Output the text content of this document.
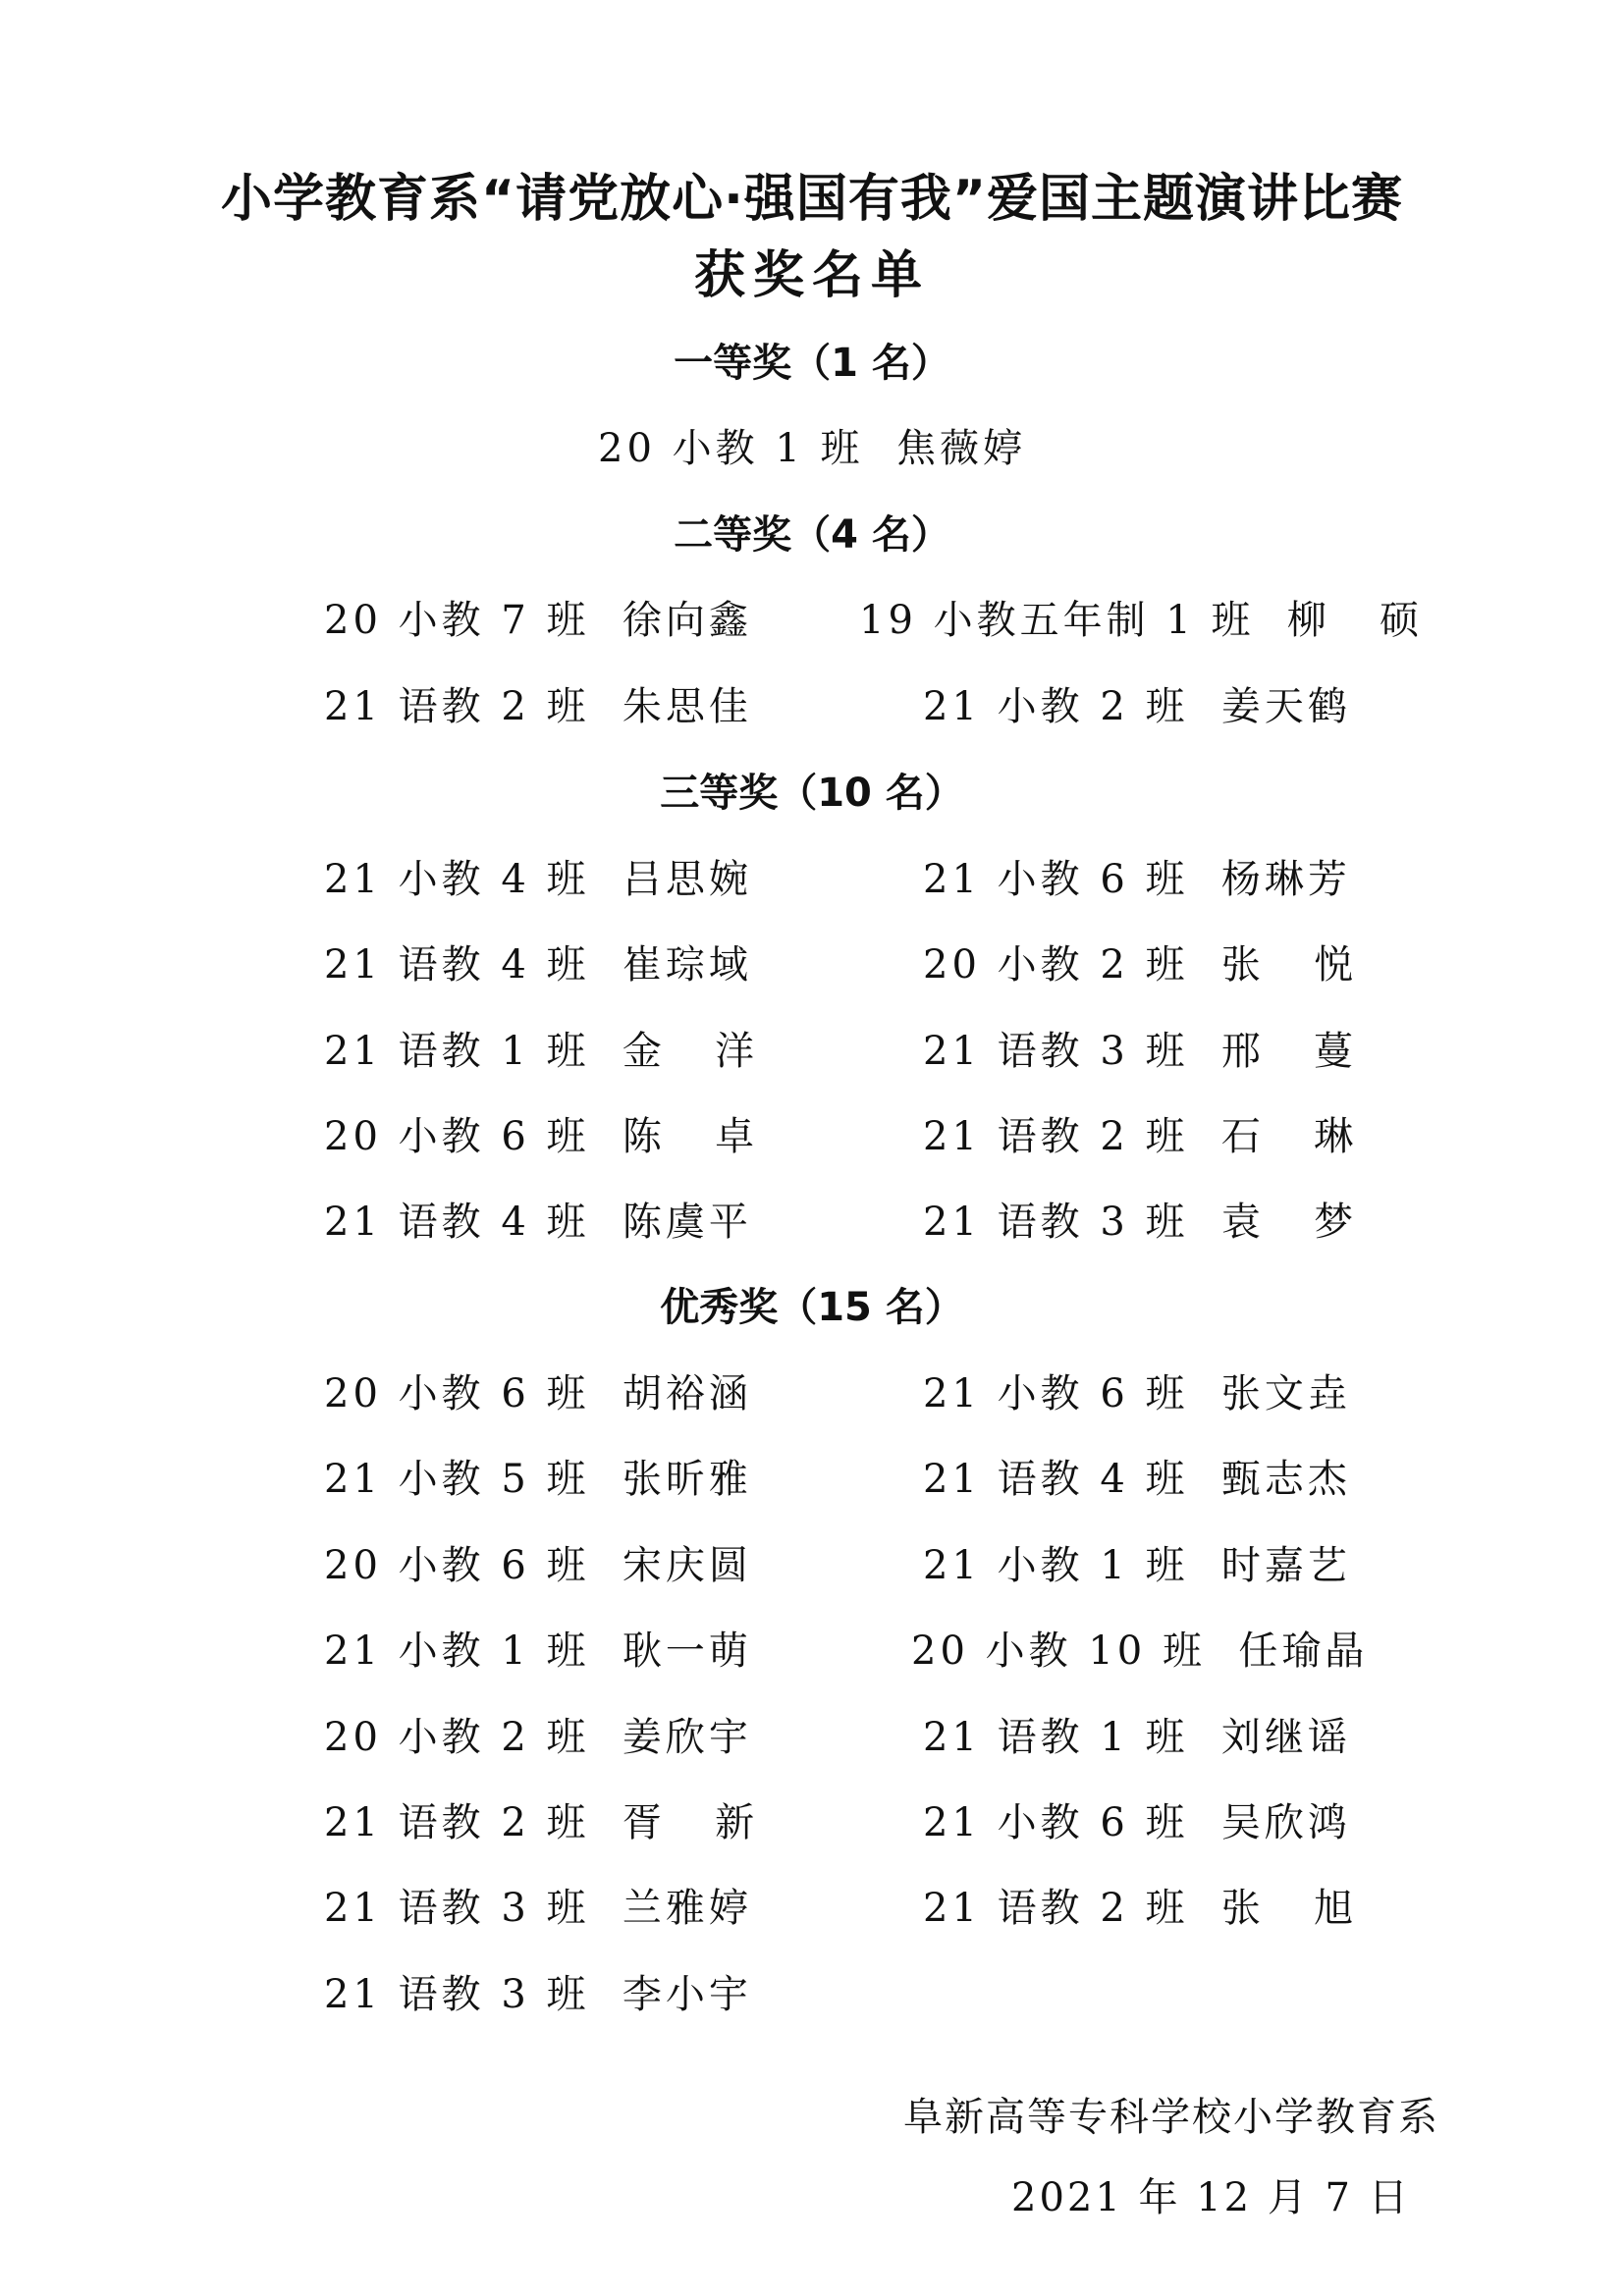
小学教育系“请党放心·强国有我”爱国主题演讲比赛
获奖名单
一等奖（1 名）
20 小教 1 班  焦薇婷
二等奖（4 名）
20 小教 7 班  徐向鑫	19 小教五年制 1 班  柳   硕
21 语教 2 班  朱思佳	21 小教 2 班  姜天鹤
三等奖（10 名）
21 小教 4 班  吕思婉	21 小教 6 班  杨琳芳
21 语教 4 班  崔琮域	20 小教 2 班  张   悦
21 语教 1 班  金   洋	21 语教 3 班  邢   蔓
20 小教 6 班  陈   卓	21 语教 2 班  石   琳
21 语教 4 班  陈虞平	21 语教 3 班  袁   梦
优秀奖（15 名）
20 小教 6 班  胡裕涵	21 小教 6 班  张文垚
21 小教 5 班  张昕雅	21 语教 4 班  甄志杰
20 小教 6 班  宋庆圆	21 小教 1 班  时嘉艺
21 小教 1 班  耿一萌	20 小教 10 班  任瑜晶
20 小教 2 班  姜欣宇	21 语教 1 班  刘继谣
21 语教 2 班  胥   新	21 小教 6 班  吴欣鸿
21 语教 3 班  兰雅婷	21 语教 2 班  张   旭
21 语教 3 班  李小宇
阜新高等专科学校小学教育系
2021 年 12 月 7 日
